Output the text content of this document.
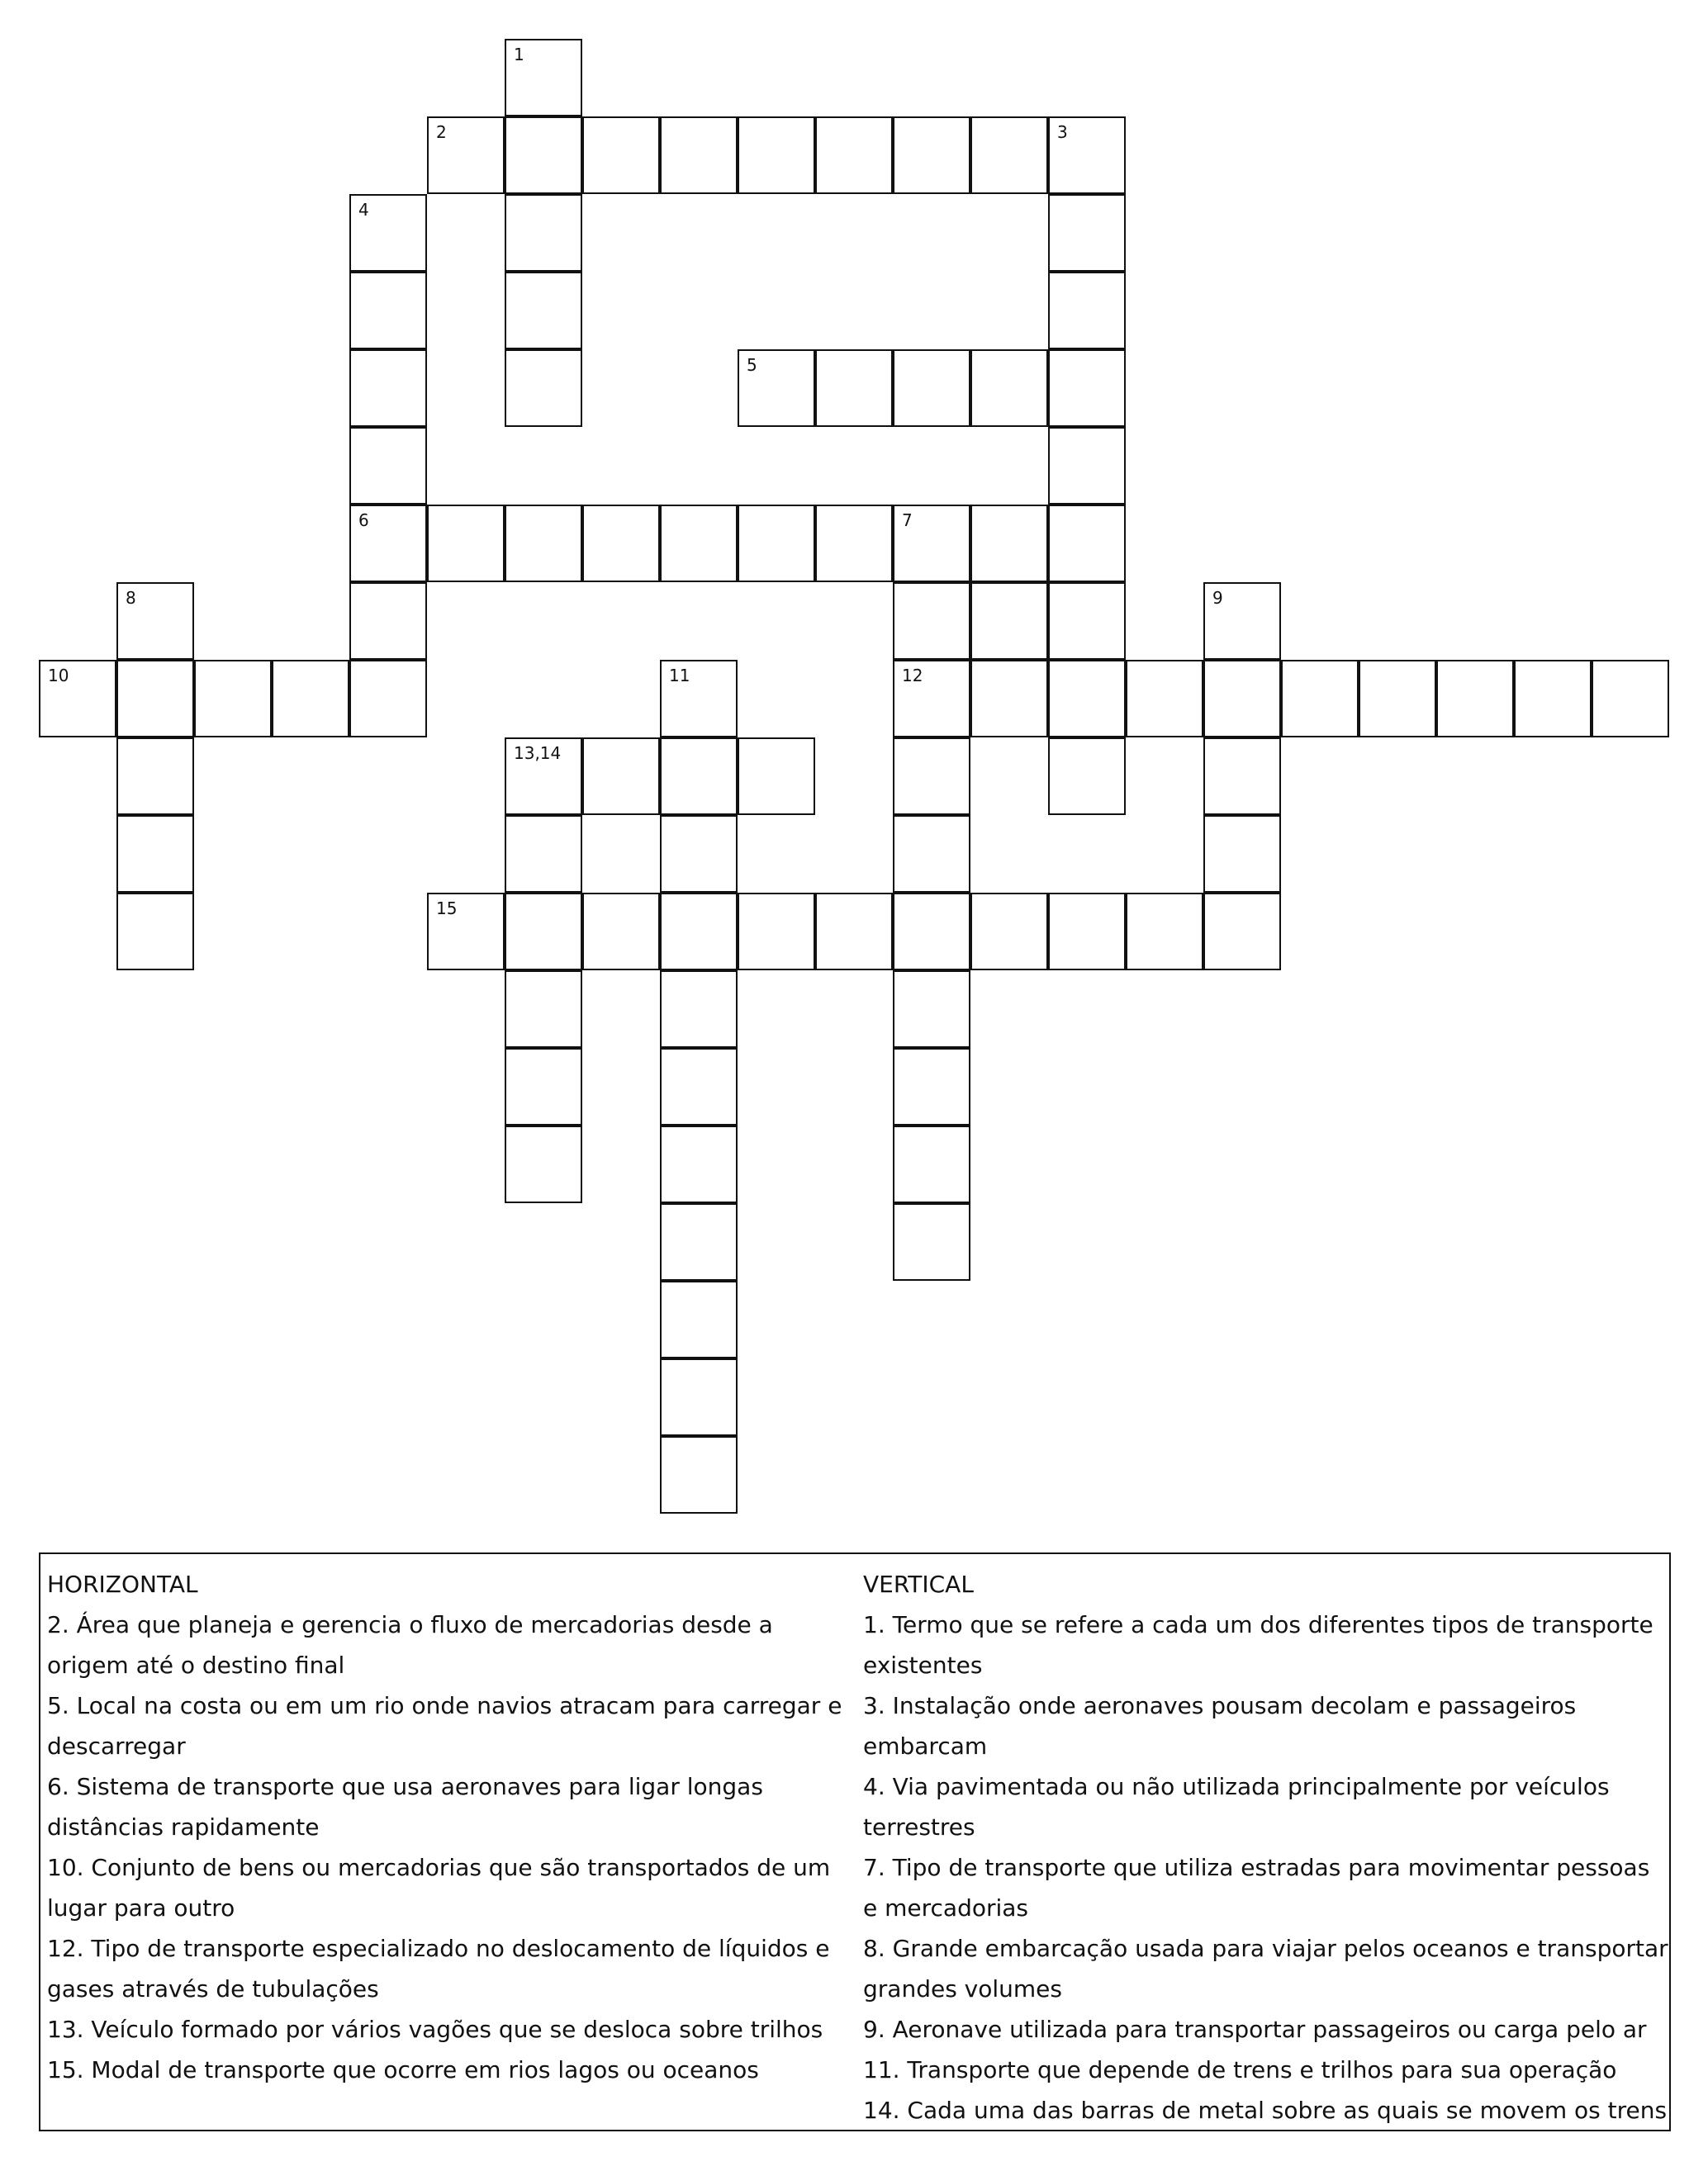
2	3
5
6	7
10	12
13,14
15
1
4
8	9
11
HORIZONTAL
2. Área que planeja e gerencia o fluxo de mercadorias desde a origem até o destino final
5. Local na costa ou em um rio onde navios atracam para carregar e descarregar
6. Sistema de transporte que usa aeronaves para ligar longas distâncias rapidamente
10. Conjunto de bens ou mercadorias que são transportados de um lugar para outro
12. Tipo de transporte especializado no deslocamento de líquidos e gases através de tubulações
13. Veículo formado por vários vagões que se desloca sobre trilhos
15. Modal de transporte que ocorre em rios lagos ou oceanos
VERTICAL
1. Termo que se refere a cada um dos diferentes tipos de transporte existentes
3. Instalação onde aeronaves pousam decolam e passageiros embarcam
4. Via pavimentada ou não utilizada principalmente por veículos terrestres
7. Tipo de transporte que utiliza estradas para movimentar pessoas e mercadorias
8. Grande embarcação usada para viajar pelos oceanos e transportar grandes volumes
9. Aeronave utilizada para transportar passageiros ou carga pelo ar
11. Transporte que depende de trens e trilhos para sua operação
14. Cada uma das barras de metal sobre as quais se movem os trens
